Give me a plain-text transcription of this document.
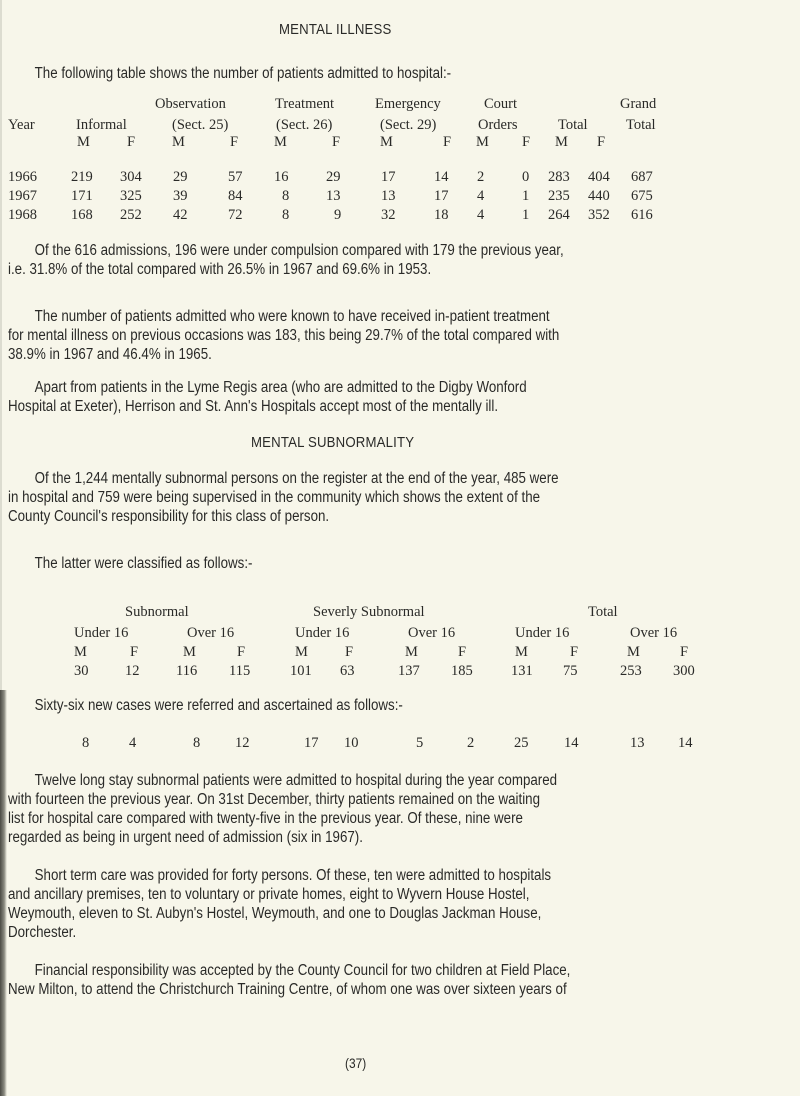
MENTAL ILLNESS

The following table shows the number of patients admitted to hospital:-

Observation	Treatment	Emergency	Court	Grand
Year	Informal	(Sect. 25)	(Sect. 26)	(Sect. 29)	Orders	Total	Total
M	F	M	F M	F	M	F M F M F
1966 219 304 29	57 16	29	17	14 2	0 283 404 687
1967 171 325 39	84	8	13	13	17 4	1 235 440 675
1968 168 252 42	72	8	9	32	18 4	1 264 352 616

Of the 616 admissions, 196 were under compulsion compared with 179 the previous year,

i.e. 31.8% of the total compared with 26.5% in 1967 and 69.6% in 1953.

The number of patients admitted who were known to have received in-patient treatment

for mental illness on previous occasions was 183, this being 29.7% of the total compared with

38.9% in 1967 and 46.4% in 1965.

Apart from patients in the Lyme Regis area (who are admitted to the Digby Wonford

Hospital at Exeter), Herrison and St. Ann's Hospitals accept most of the mentally ill.

MENTAL SUBNORMALITY

Of the 1,244 mentally subnormal persons on the register at the end of the year, 485 were

in hospital and 759 were being supervised in the community which shows the extent of the

County Council's responsibility for this class of person.

The latter were classified as follows:-

Subnormal	Severly Subnormal	Total
Under 16	Over 16	Under 16	Over 16	Under 16	Over 16
M	F	M	F	M	F	M	F	M	F	M	F
30	12	116 115	101 63	137 185	131 75	253 300

Sixty-six new cases were referred and ascertained as follows:-

8	4	8 12	17 10	5	2	25 14	13 14

Twelve long stay subnormal patients were admitted to hospital during the year compared

with fourteen the previous year. On 31st December, thirty patients remained on the waiting

list for hospital care compared with twenty-five in the previous year. Of these, nine were

regarded as being in urgent need of admission (six in 1967).

Short term care was provided for forty persons. Of these, ten were admitted to hospitals

and ancillary premises, ten to voluntary or private homes, eight to Wyvern House Hostel,

Weymouth, eleven to St. Aubyn's Hostel, Weymouth, and one to Douglas Jackman House,

Dorchester.

Financial responsibility was accepted by the County Council for two children at Field Place,

New Milton, to attend the Christchurch Training Centre, of whom one was over sixteen years of

(37)
